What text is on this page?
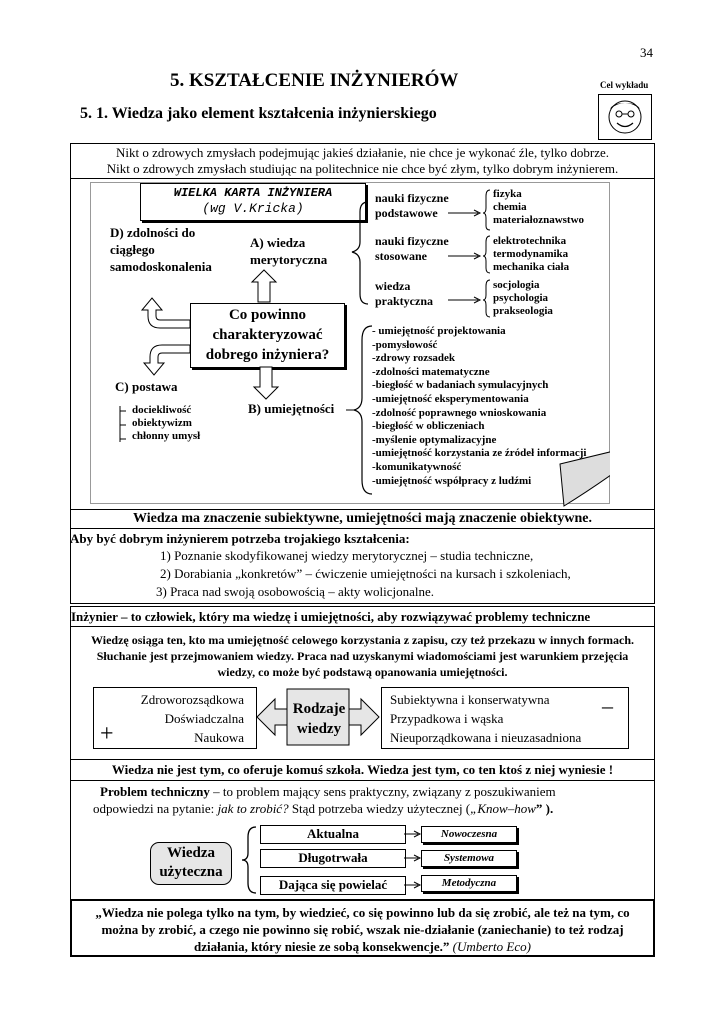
34
5. KSZTAŁCENIE INŻYNIERÓW	Cel wykładu
5. 1. Wiedza jako element kształcenia inżynierskiego
Nikt o zdrowych zmysłach podejmując jakieś działanie, nie chce je wykonać źle, tylko dobrze.
Nikt o zdrowych zmysłach studiując na politechnice nie chce być złym, tylko dobrym inżynierem.
WIELKA KARTA INŻYNIERA
(wg V.Kricka)
D) zdolności do ciągłego samodoskonalenia
A) wiedza merytoryczna
Co powinno charakteryzować dobrego inżyniera?
C) postawa
dociekliwość
obiektywizm
chłonny umysł
B) umiejętności
nauki fizyczne podstawowe
nauki fizyczne stosowane
wiedza praktyczna
fizyka
chemia
materiałoznawstwo
elektrotechnika
termodynamika
mechanika ciała
socjologia
psychologia
prakseologia
- umiejętność projektowania
-pomysłowość
-zdrowy rozsadek
-zdolności matematyczne
-biegłość w badaniach symulacyjnych
-umiejętność eksperymentowania
-zdolność poprawnego wnioskowania
-biegłość w obliczeniach
-myślenie optymalizacyjne
-umiejętność korzystania ze źródeł informacji
-komunikatywność
-umiejętność współpracy z ludźmi
Wiedza ma znaczenie subiektywne, umiejętności mają znaczenie obiektywne.
Aby być dobrym inżynierem potrzeba trojakiego kształcenia:
1) Poznanie skodyfikowanej wiedzy merytorycznej – studia techniczne,
2) Dorabiania „konkretów” – ćwiczenie umiejętności na kursach i szkoleniach,
3) Praca nad swoją osobowością – akty wolicjonalne.
Inżynier – to człowiek, który ma wiedzę i umiejętności, aby rozwiązywać problemy techniczne
Wiedzę osiąga ten, kto ma umiejętność celowego korzystania z zapisu, czy też przekazu w innych formach. Słuchanie jest przejmowaniem wiedzy. Praca nad uzyskanymi wiadomościami jest warunkiem przejęcia wiedzy, co może być podstawą opanowania umiejętności.
Zdroworozsądkowa
Doświadczalna
Naukowa
+
Rodzaje wiedzy
Subiektywna i konserwatywna
Przypadkowa i wąska
Nieuporządkowana i nieuzasadniona
–
Wiedza nie jest tym, co oferuje komuś szkoła. Wiedza jest tym, co ten ktoś z niej wyniesie !
Problem techniczny – to problem mający sens praktyczny, związany z poszukiwaniem
odpowiedzi na pytanie: jak to zrobić? Stąd potrzeba wiedzy użytecznej („Know–how” ).
Wiedza użyteczna
Aktualna
Długotrwała
Dająca się powielać
Nowoczesna
Systemowa
Metodyczna
„Wiedza nie polega tylko na tym, by wiedzieć, co się powinno lub da się zrobić, ale też na tym, co można by zrobić, a czego nie powinno się robić, wszak nie-działanie (zaniechanie) to też rodzaj działania, który niesie ze sobą konsekwencje.” (Umberto Eco)
